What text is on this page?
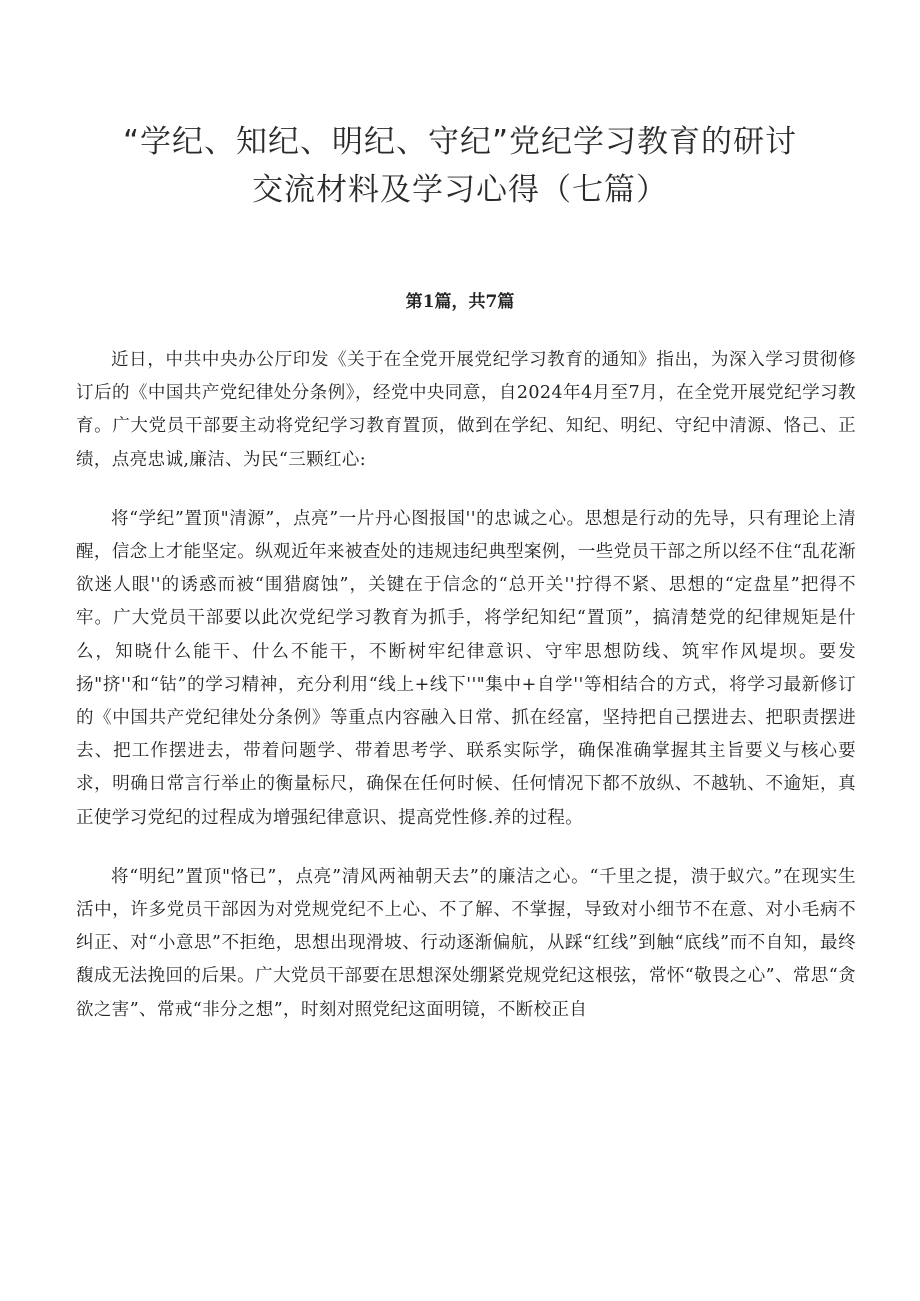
“学纪、知纪、明纪、守纪”党纪学习教育的研讨
交流材料及学习心得（七篇）
第1篇，共7篇

近日，中共中央办公厅印发《关于在全党开展党纪学习教育的通知》指出，为深入学习贯彻修订后的《中国共产党纪律处分条例》，经党中央同意，自2024年4月至7月，在全党开展党纪学习教育。广大党员干部要主动将党纪学习教育置顶，做到在学纪、知纪、明纪、守纪中清源、恪己、正绩，点亮忠诚,廉洁、为民“三颗红心:

将“学纪”置顶"清源”，点亮”一片丹心图报国''的忠诚之心。思想是行动的先导，只有理论上清醒，信念上才能坚定。纵观近年来被查处的违规违纪典型案例，一些党员干部之所以经不住“乱花渐欲迷人眼''的诱惑而被“围猎腐蚀”，关键在于信念的“总开关''拧得不紧、思想的“定盘星”把得不牢。广大党员干部要以此次党纪学习教育为抓手，将学纪知纪“置顶”，搞清楚党的纪律规矩是什么，知晓什么能干、什么不能干，不断树牢纪律意识、守牢思想防线、筑牢作风堤坝。要发扬"挤''和“钻”的学习精神，充分利用“线上+线下''"集中+自学''等相结合的方式，将学习最新修订的《中国共产党纪律处分条例》等重点内容融入日常、抓在经富，坚持把自己摆进去、把职责摆进去、把工作摆进去，带着问题学、带着思考学、联系实际学，确保准确掌握其主旨要义与核心要求，明确日常言行举止的衡量标尺，确保在任何时候、任何情况下都不放纵、不越轨、不逾矩，真正使学习党纪的过程成为增强纪律意识、提高党性修.养的过程。

将“明纪”置顶"恪已”，点亮”清风两袖朝天去”的廉洁之心。“千里之提，溃于蚁穴。”在现实生活中，许多党员干部因为对党规党纪不上心、不了解、不掌握，导致对小细节不在意、对小毛病不纠正、对“小意思”不拒绝，思想出现滑坡、行动逐渐偏航，从踩“红线”到触“底线”而不自知，最终馥成无法挽回的后果。广大党员干部要在思想深处绷紧党规党纪这根弦，常怀“敬畏之心”、常思“贪欲之害”、常戒“非分之想”，时刻对照党纪这面明镜，不断校正自
